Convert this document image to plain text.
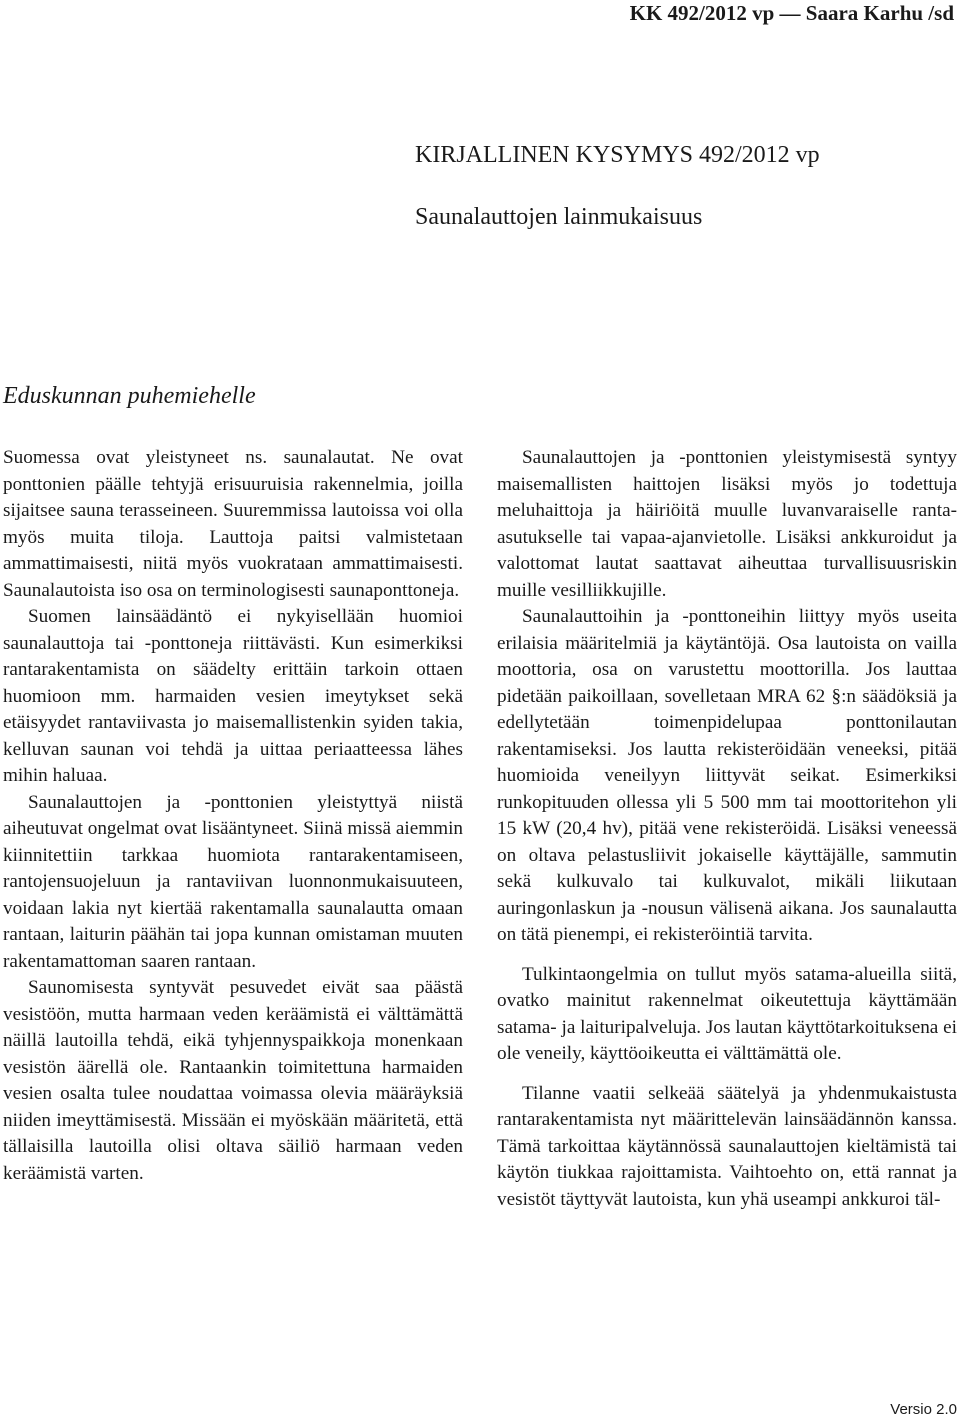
KK 492/2012 vp — Saara Karhu /sd
KIRJALLINEN KYSYMYS 492/2012 vp
Saunalauttojen lainmukaisuus
Eduskunnan puhemiehelle

Suomessa ovat yleistyneet ns. saunalautat. Ne ovat ponttonien päälle tehtyjä erisuuruisia rakennelmia, joilla sijaitsee sauna terasseineen. Suuremmissa lautoissa voi olla myös muita tiloja. Lauttoja paitsi valmistetaan ammattimaisesti, niitä myös vuokrataan ammattimaisesti. Saunalautoista iso osa on terminologisesti saunaponttoneja.

Suomen lainsäädäntö ei nykyisellään huomioi saunalauttoja tai -ponttoneja riittävästi. Kun esimerkiksi rantarakentamista on säädelty erittäin tarkoin ottaen huomioon mm. harmaiden vesien imeytykset sekä etäisyydet rantaviivasta jo maisemallistenkin syiden takia, kelluvan saunan voi tehdä ja uittaa periaatteessa lähes mihin haluaa.

Saunalauttojen ja -ponttonien yleistyttyä niistä aiheutuvat ongelmat ovat lisääntyneet. Siinä missä aiemmin kiinnitettiin tarkkaa huomiota rantarakentamiseen, rantojensuojeluun ja rantaviivan luonnonmukaisuuteen, voidaan lakia nyt kiertää rakentamalla saunalautta omaan rantaan, laiturin päähän tai jopa kunnan omistaman muuten rakentamattoman saaren rantaan.

Saunomisesta syntyvät pesuvedet eivät saa päästä vesistöön, mutta harmaan veden keräämistä ei välttämättä näillä lautoilla tehdä, eikä tyhjennyspaikkoja monenkaan vesistön äärellä ole. Rantaankin toimitettuna harmaiden vesien osalta tulee noudattaa voimassa olevia määräyksiä niiden imeyttämisestä. Missään ei myöskään määritetä, että tällaisilla lautoilla olisi oltava säiliö harmaan veden keräämistä varten.

Saunalauttojen ja -ponttonien yleistymisestä syntyy maisemallisten haittojen lisäksi myös jo todettuja meluhaittoja ja häiriöitä muulle luvanvaraiselle ranta-asutukselle tai vapaa-ajanvietolle. Lisäksi ankkuroidut ja valottomat lautat saattavat aiheuttaa turvallisuusriskin muille vesilliikkujille.

Saunalauttoihin ja -ponttoneihin liittyy myös useita erilaisia määritelmiä ja käytäntöjä. Osa lautoista on vailla moottoria, osa on varustettu moottorilla. Jos lauttaa pidetään paikoillaan, sovelletaan MRA 62 §:n säädöksiä ja edellytetään toimenpidelupaa ponttonilautan rakentamiseksi. Jos lautta rekisteröidään veneeksi, pitää huomioida veneilyyn liittyvät seikat. Esimerkiksi runkopituuden ollessa yli 5 500 mm tai moottoritehon yli 15 kW (20,4 hv), pitää vene rekisteröidä. Lisäksi veneessä on oltava pelastusliivit jokaiselle käyttäjälle, sammutin sekä kulkuvalo tai kulkuvalot, mikäli liikutaan auringonlaskun ja -nousun välisenä aikana. Jos saunalautta on tätä pienempi, ei rekisteröintiä tarvita.

Tulkintaongelmia on tullut myös satama-alueilla siitä, ovatko mainitut rakennelmat oikeutettuja käyttämään satama- ja laituripalveluja. Jos lautan käyttötarkoituksena ei ole veneily, käyttöoikeutta ei välttämättä ole.

Tilanne vaatii selkeää säätelyä ja yhdenmukaistusta rantarakentamista nyt määrittelevän lainsäädännön kanssa. Tämä tarkoittaa käytännössä saunalauttojen kieltämistä tai käytön tiukkaa rajoittamista. Vaihtoehto on, että rannat ja vesistöt täyttyvät lautoista, kun yhä useampi ankkuroi täl-

Versio 2.0
